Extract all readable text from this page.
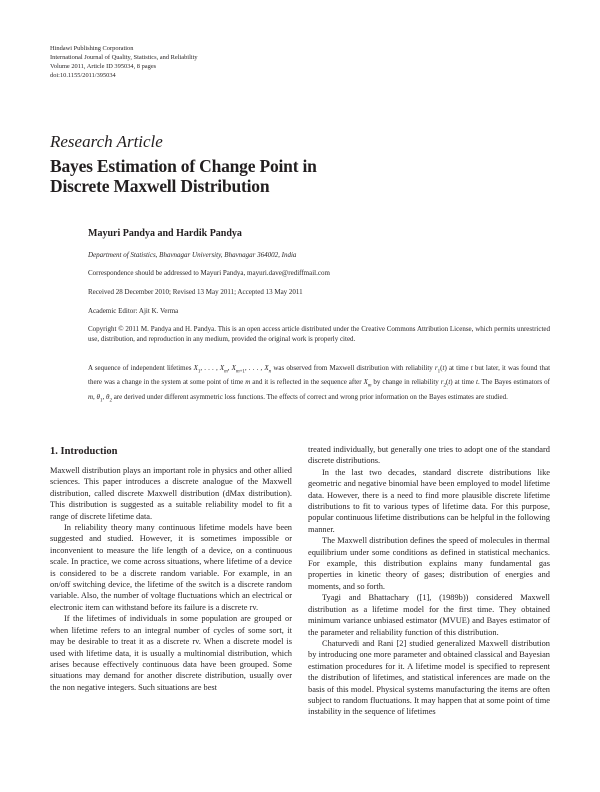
Hindawi Publishing Corporation
International Journal of Quality, Statistics, and Reliability
Volume 2011, Article ID 395034, 8 pages
doi:10.1155/2011/395034
Research Article
Bayes Estimation of Change Point in
Discrete Maxwell Distribution
Mayuri Pandya and Hardik Pandya
Department of Statistics, Bhavnagar University, Bhavnagar 364002, India
Correspondence should be addressed to Mayuri Pandya, mayuri.dave@rediffmail.com
Received 28 December 2010; Revised 13 May 2011; Accepted 13 May 2011
Academic Editor: Ajit K. Verma

Copyright © 2011 M. Pandya and H. Pandya. This is an open access article distributed under the Creative Commons Attribution License, which permits unrestricted use, distribution, and reproduction in any medium, provided the original work is properly cited.

A sequence of independent lifetimes $X_1$, . . . , $X_m$, $X_{m+1}$, . . . , $X_n$ was observed from Maxwell distribution with reliability $r_1(t)$ at time t but later, it was found that there was a change in the system at some point of time m and it is reflected in the sequence after $X_m$ by change in reliability $r_2(t)$ at time t. The Bayes estimators of m, $\theta_1$, $\theta_2$ are derived under different asymmetric loss functions. The effects of correct and wrong prior information on the Bayes estimates are studied.

1. Introduction

Maxwell distribution plays an important role in physics and other allied sciences. This paper introduces a discrete analogue of the Maxwell distribution, called discrete Maxwell distribution (dMax distribution). This distribution is suggested as a suitable reliability model to fit a range of discrete lifetime data.

In reliability theory many continuous lifetime models have been suggested and studied. However, it is sometimes impossible or inconvenient to measure the life length of a device, on a continuous scale. In practice, we come across situations, where lifetime of a device is considered to be a discrete random variable. For example, in an on/off switching device, the lifetime of the switch is a discrete random variable. Also, the number of voltage fluctuations which an electrical or electronic item can withstand before its failure is a discrete rv.

If the lifetimes of individuals in some population are grouped or when lifetime refers to an integral number of cycles of some sort, it may be desirable to treat it as a discrete rv. When a discrete model is used with lifetime data, it is usually a multinomial distribution, which arises because effectively continuous data have been grouped. Some situations may demand for another discrete distribution, usually over the non negative integers. Such situations are best

treated individually, but generally one tries to adopt one of the standard discrete distributions.

In the last two decades, standard discrete distributions like geometric and negative binomial have been employed to model lifetime data. However, there is a need to find more plausible discrete lifetime distributions to fit to various types of lifetime data. For this purpose, popular continuous lifetime distributions can be helpful in the following manner.

The Maxwell distribution defines the speed of molecules in thermal equilibrium under some conditions as defined in statistical mechanics. For example, this distribution explains many fundamental gas properties in kinetic theory of gases; distribution of energies and moments, and so forth.

Tyagi and Bhattachary ([1], (1989b)) considered Maxwell distribution as a lifetime model for the first time. They obtained minimum variance unbiased estimator (MVUE) and Bayes estimator of the parameter and reliability function of this distribution.

Chaturvedi and Rani [2] studied generalized Maxwell distribution by introducing one more parameter and obtained classical and Bayesian estimation procedures for it. A lifetime model is specified to represent the distribution of lifetimes, and statistical inferences are made on the basis of this model. Physical systems manufacturing the items are often subject to random fluctuations. It may happen that at some point of time instability in the sequence of lifetimes
